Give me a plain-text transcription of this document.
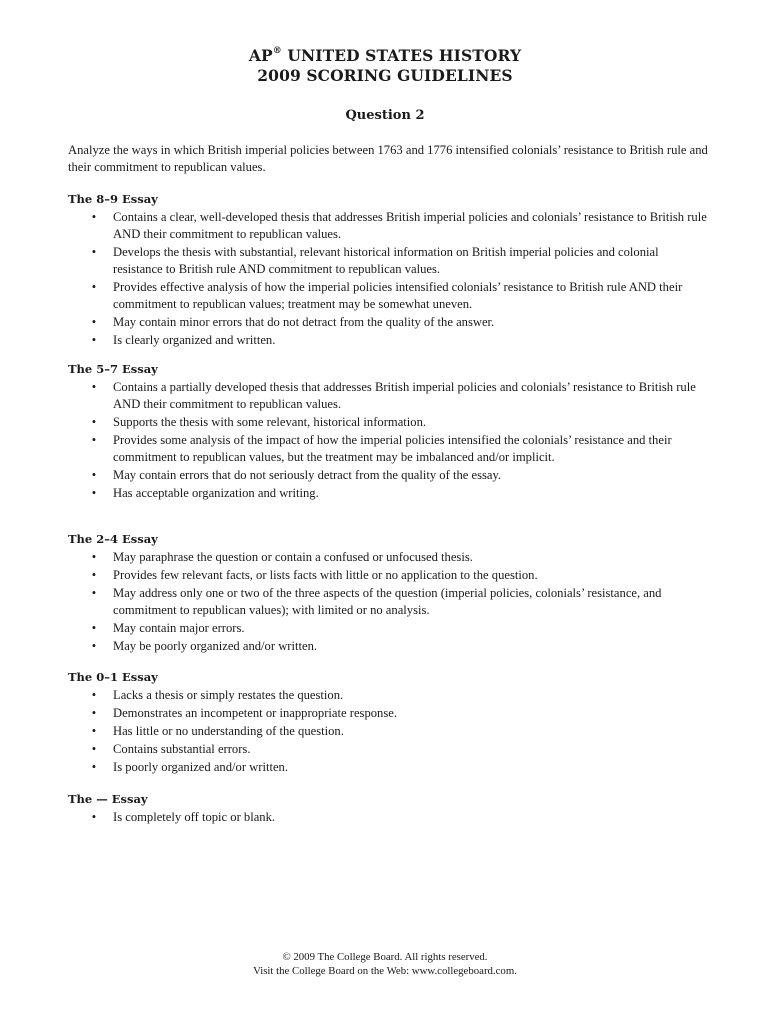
AP® UNITED STATES HISTORY
2009 SCORING GUIDELINES
Question 2
Analyze the ways in which British imperial policies between 1763 and 1776 intensified colonials’ resistance to British rule and their commitment to republican values.
The 8–9 Essay
•	Contains a clear, well-developed thesis that addresses British imperial policies and colonials’ resistance to British rule AND their commitment to republican values.
•	Develops the thesis with substantial, relevant historical information on British imperial policies and colonial resistance to British rule AND commitment to republican values.
•	Provides effective analysis of how the imperial policies intensified colonials’ resistance to British rule AND their commitment to republican values; treatment may be somewhat uneven.
•	May contain minor errors that do not detract from the quality of the answer.
•	Is clearly organized and written.
The 5–7 Essay
•	Contains a partially developed thesis that addresses British imperial policies and colonials’ resistance to British rule AND their commitment to republican values.
•	Supports the thesis with some relevant, historical information.
•	Provides some analysis of the impact of how the imperial policies intensified the colonials’ resistance and their commitment to republican values, but the treatment may be imbalanced and/or implicit.
•	May contain errors that do not seriously detract from the quality of the essay.
•	Has acceptable organization and writing.
The 2–4 Essay
•	May paraphrase the question or contain a confused or unfocused thesis.
•	Provides few relevant facts, or lists facts with little or no application to the question.
•	May address only one or two of the three aspects of the question (imperial policies, colonials’ resistance, and commitment to republican values); with limited or no analysis.
•	May contain major errors.
•	May be poorly organized and/or written.
The 0–1 Essay
•	Lacks a thesis or simply restates the question.
•	Demonstrates an incompetent or inappropriate response.
•	Has little or no understanding of the question.
•	Contains substantial errors.
•	Is poorly organized and/or written.
The — Essay
•	Is completely off topic or blank.
© 2009 The College Board. All rights reserved.
Visit the College Board on the Web: www.collegeboard.com.
